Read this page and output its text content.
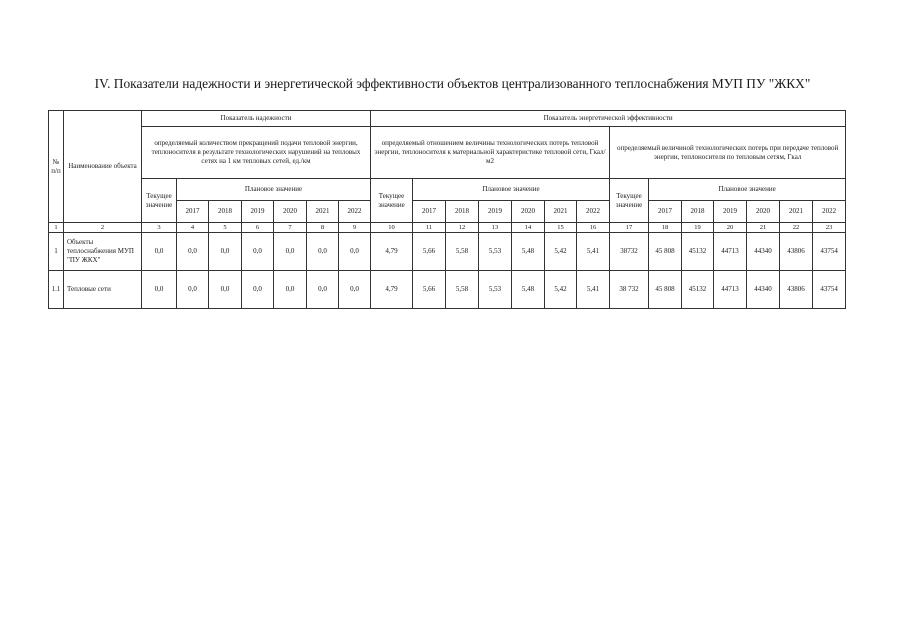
IV. Показатели надежности и энергетической эффективности объектов централизованного теплоснабжения МУП ПУ "ЖКХ"
№ п/п	Наименование объекта	Показатель надежности							Показатель энергетической эффективности													
		определяемый количеством прекращений подачи тепловой энергии, теплоносителя в результате технологических нарушений на тепловых сетях на 1 км тепловых сетей, ед./км							определяемый отношением величины технологических потерь тепловой энергии, теплоносителя к материальной характеристике тепловой сети, Гкал/м2							определяемый величиной технологических потерь при передаче тепловой энергии, теплоносителя по тепловым сетям, Гкал						
		Текущее значение	Плановое значение						Текущее значение	Плановое значение						Текущее значение	Плановое значение					
			2017	2018	2019	2020	2021	2022		2017	2018	2019	2020	2021	2022		2017	2018	2019	2020	2021	2022
1	2	3	4	5	6	7	8	9	10	11	12	13	14	15	16	17	18	19	20	21	22	23
1	Объекты теплоснабжения МУП "ПУ ЖКХ"	0,0	0,0	0,0	0,0	0,0	0,0	0,0	4,79	5,66	5,58	5,53	5,48	5,42	5,41	38732	45 808	45132	44713	44340	43806	43754
1.1	Тепловые сети	0,0	0,0	0,0	0,0	0,0	0,0	0,0	4,79	5,66	5,58	5,53	5,48	5,42	5,41	38 732	45 808	45132	44713	44340	43806	43754
